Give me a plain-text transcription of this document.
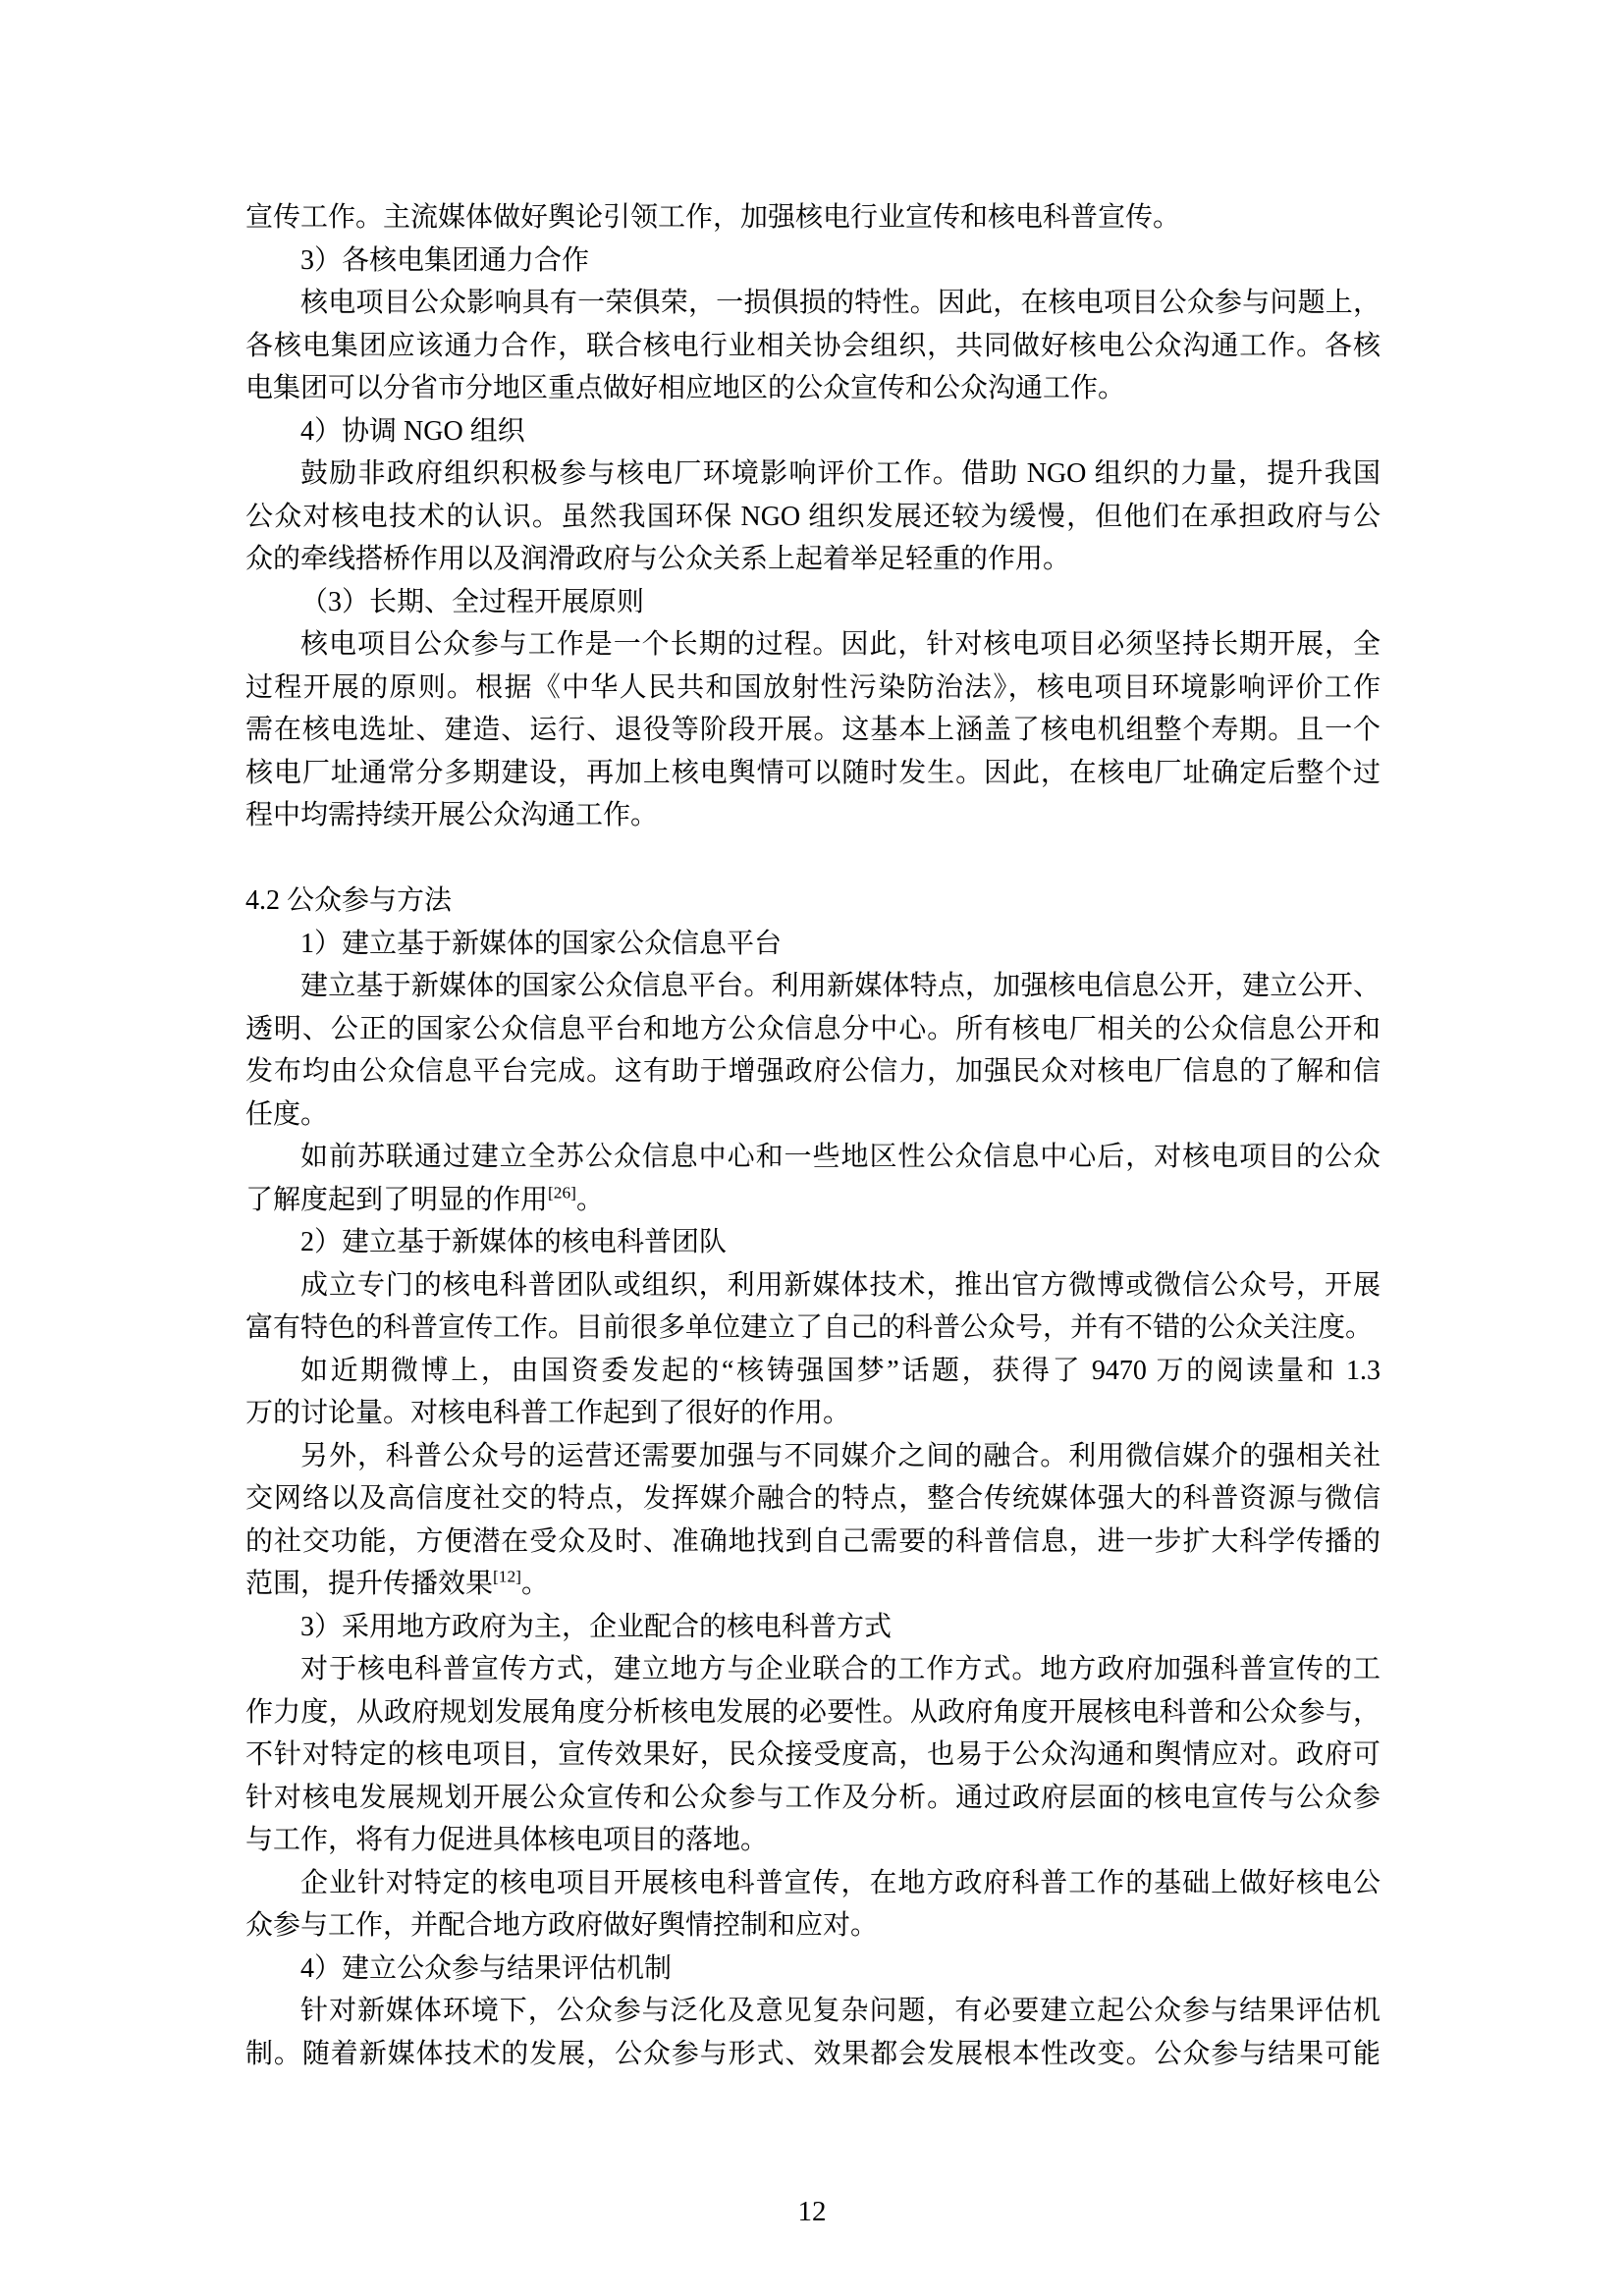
宣传工作。主流媒体做好舆论引领工作，加强核电行业宣传和核电科普宣传。
3）各核电集团通力合作
核电项目公众影响具有一荣俱荣，一损俱损的特性。因此，在核电项目公众参与问题上，
各核电集团应该通力合作，联合核电行业相关协会组织，共同做好核电公众沟通工作。各核
电集团可以分省市分地区重点做好相应地区的公众宣传和公众沟通工作。
4）协调 NGO 组织
鼓励非政府组织积极参与核电厂环境影响评价工作。借助 NGO 组织的力量，提升我国
公众对核电技术的认识。虽然我国环保 NGO 组织发展还较为缓慢，但他们在承担政府与公
众的牵线搭桥作用以及润滑政府与公众关系上起着举足轻重的作用。
（3）长期、全过程开展原则
核电项目公众参与工作是一个长期的过程。因此，针对核电项目必须坚持长期开展，全
过程开展的原则。根据《中华人民共和国放射性污染防治法》，核电项目环境影响评价工作
需在核电选址、建造、运行、退役等阶段开展。这基本上涵盖了核电机组整个寿期。且一个
核电厂址通常分多期建设，再加上核电舆情可以随时发生。因此，在核电厂址确定后整个过
程中均需持续开展公众沟通工作。
4.2 公众参与方法
1）建立基于新媒体的国家公众信息平台
建立基于新媒体的国家公众信息平台。利用新媒体特点，加强核电信息公开，建立公开、
透明、公正的国家公众信息平台和地方公众信息分中心。所有核电厂相关的公众信息公开和
发布均由公众信息平台完成。这有助于增强政府公信力，加强民众对核电厂信息的了解和信
任度。
如前苏联通过建立全苏公众信息中心和一些地区性公众信息中心后，对核电项目的公众
了解度起到了明显的作用[26]。
2）建立基于新媒体的核电科普团队
成立专门的核电科普团队或组织，利用新媒体技术，推出官方微博或微信公众号，开展
富有特色的科普宣传工作。目前很多单位建立了自己的科普公众号，并有不错的公众关注度。
如近期微博上，由国资委发起的“核铸强国梦”话题，获得了 9470 万的阅读量和 1.3
万的讨论量。对核电科普工作起到了很好的作用。
另外，科普公众号的运营还需要加强与不同媒介之间的融合。利用微信媒介的强相关社
交网络以及高信度社交的特点，发挥媒介融合的特点，整合传统媒体强大的科普资源与微信
的社交功能，方便潜在受众及时、准确地找到自己需要的科普信息，进一步扩大科学传播的
范围，提升传播效果[12]。
3）采用地方政府为主，企业配合的核电科普方式
对于核电科普宣传方式，建立地方与企业联合的工作方式。地方政府加强科普宣传的工
作力度，从政府规划发展角度分析核电发展的必要性。从政府角度开展核电科普和公众参与，
不针对特定的核电项目，宣传效果好，民众接受度高，也易于公众沟通和舆情应对。政府可
针对核电发展规划开展公众宣传和公众参与工作及分析。通过政府层面的核电宣传与公众参
与工作，将有力促进具体核电项目的落地。
企业针对特定的核电项目开展核电科普宣传，在地方政府科普工作的基础上做好核电公
众参与工作，并配合地方政府做好舆情控制和应对。
4）建立公众参与结果评估机制
针对新媒体环境下，公众参与泛化及意见复杂问题，有必要建立起公众参与结果评估机
制。随着新媒体技术的发展，公众参与形式、效果都会发展根本性改变。公众参与结果可能
12
